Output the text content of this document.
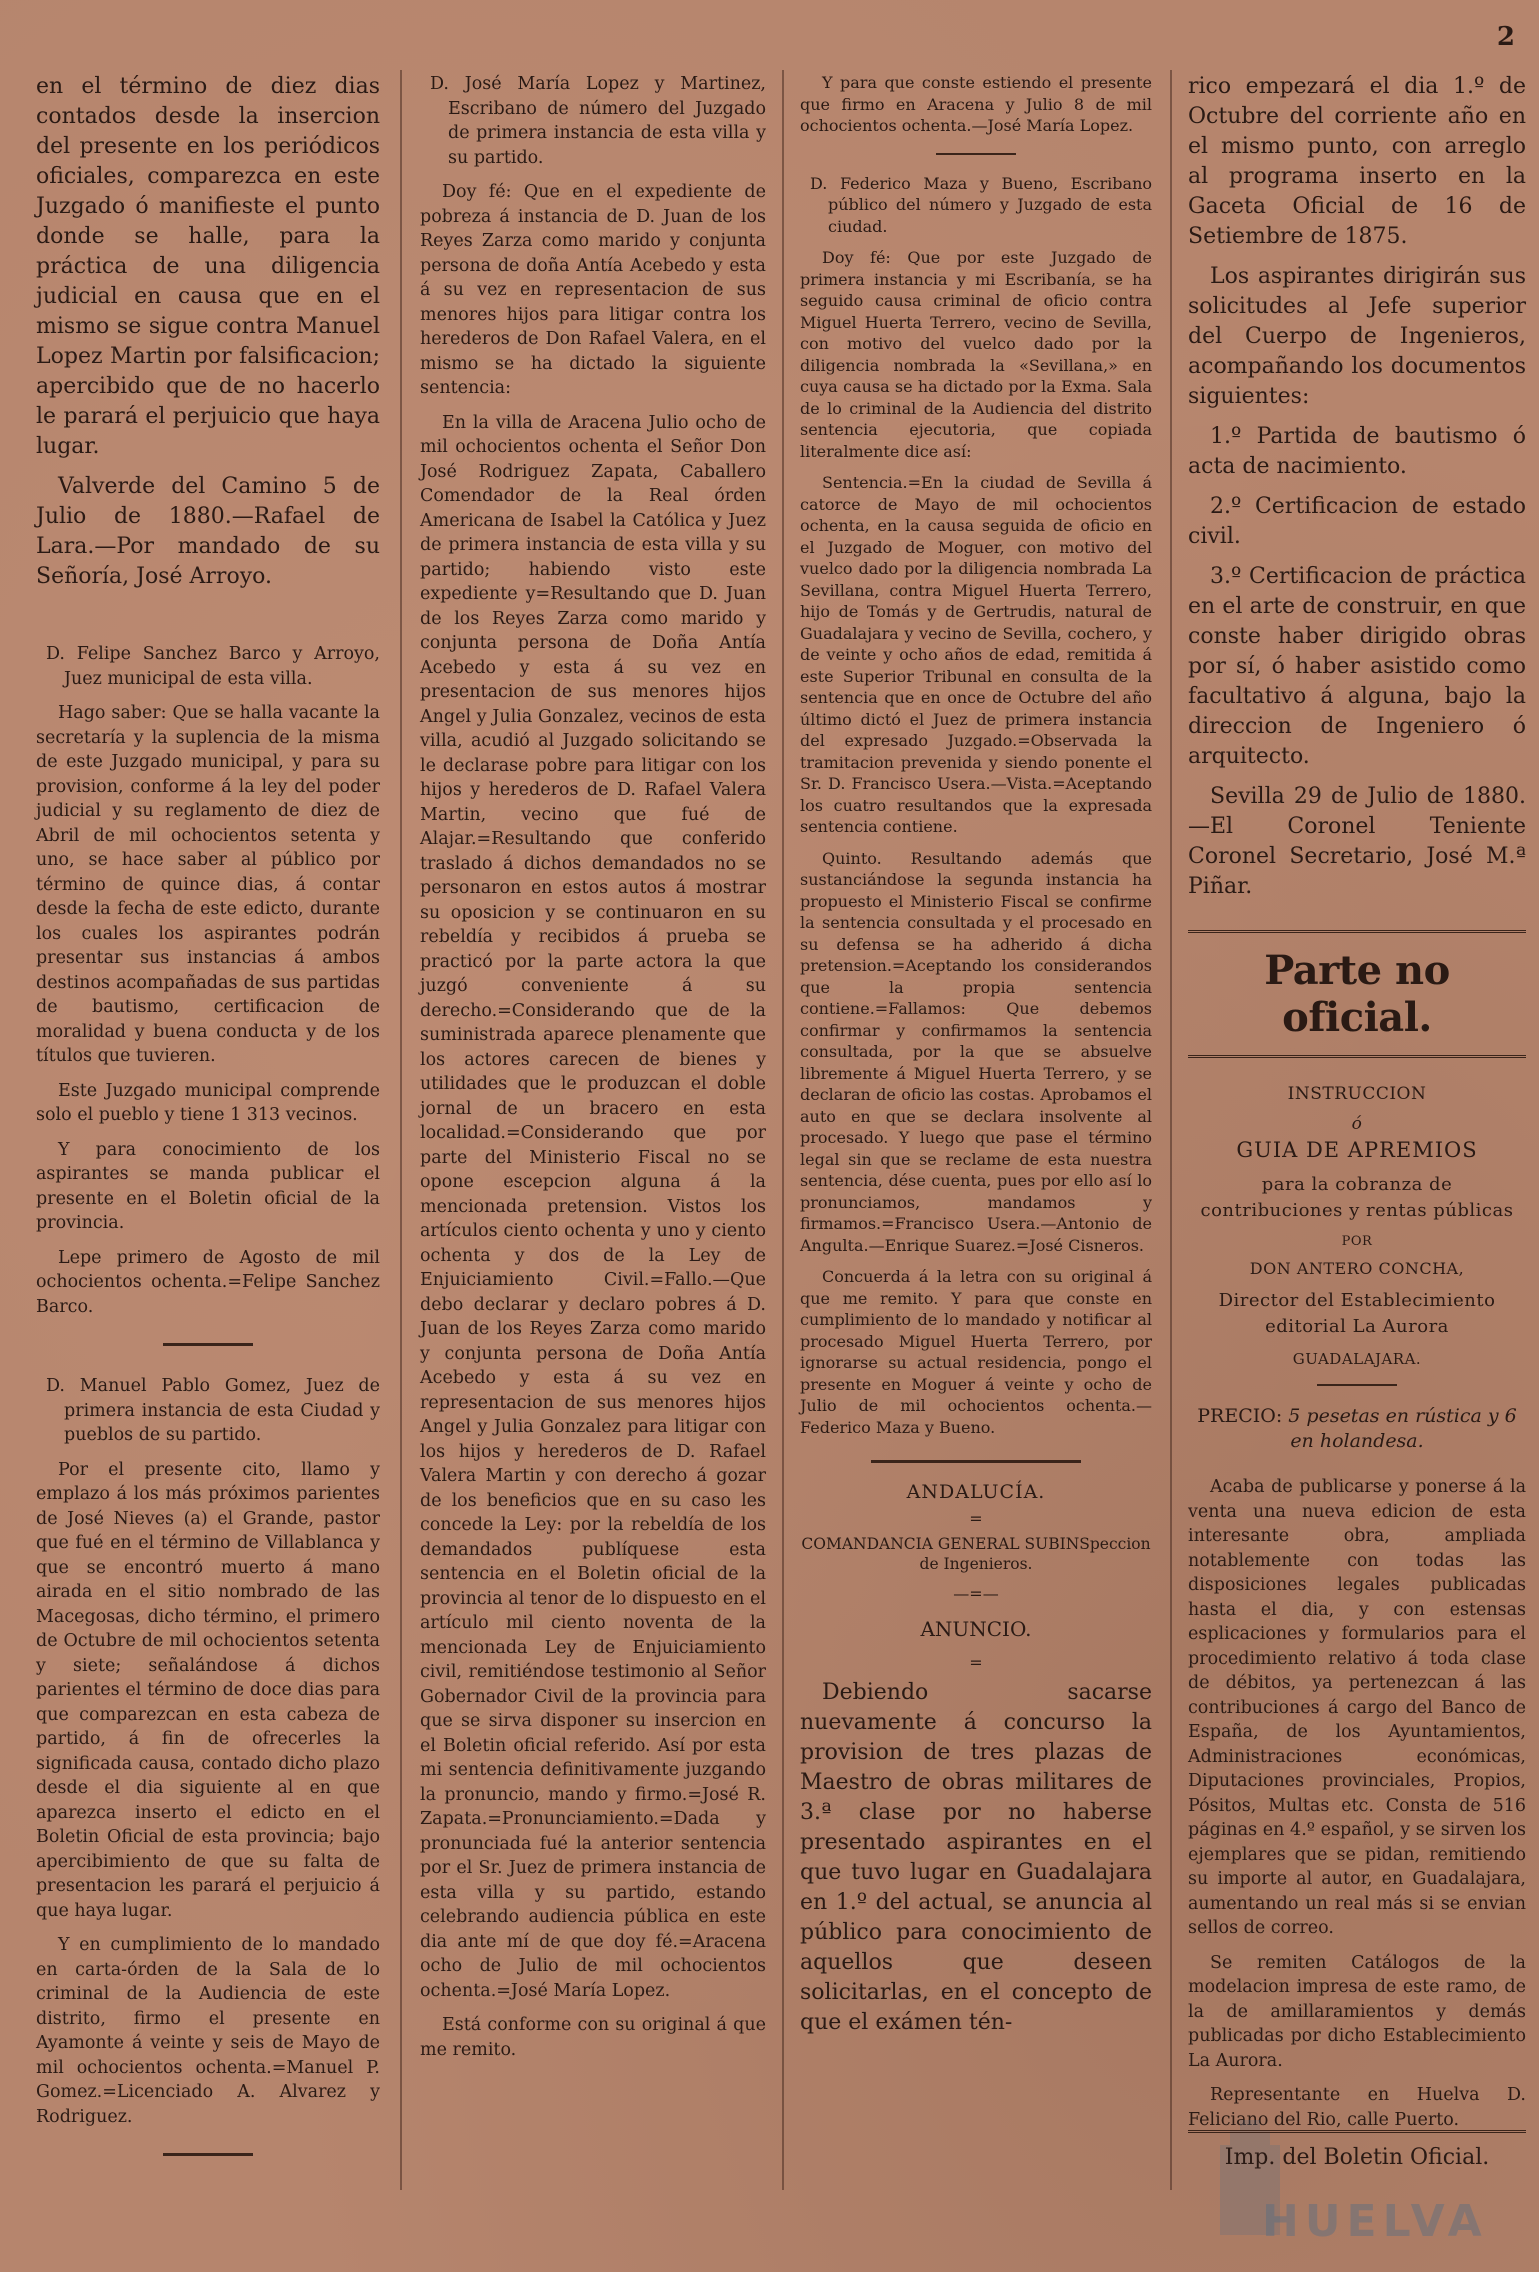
2

en el término de diez dias contados desde la insercion del presente en los periódicos oficiales, comparezca en este Juzgado ó manifieste el punto donde se halle, para la práctica de una diligencia judicial en causa que en el mismo se sigue contra Manuel Lopez Martin por falsificacion; apercibido que de no hacerlo le parará el perjuicio que haya lugar.

Valverde del Camino 5 de Julio de 1880.—Rafael de Lara.—Por mandado de su Señoría, José Arroyo.

D. Felipe Sanchez Barco y Arroyo, Juez municipal de esta villa.

Hago saber: Que se halla vacante la secretaría y la suplencia de la misma de este Juzgado municipal, y para su provision, conforme á la ley del poder judicial y su reglamento de diez de Abril de mil ochocientos setenta y uno, se hace saber al público por término de quince dias, á contar desde la fecha de este edicto, durante los cuales los aspirantes podrán presentar sus instancias á ambos destinos acompañadas de sus partidas de bautismo, certificacion de moralidad y buena conducta y de los títulos que tuvieren.

Este Juzgado municipal comprende solo el pueblo y tiene 1 313 vecinos.

Y para conocimiento de los aspirantes se manda publicar el presente en el Boletin oficial de la provincia.

Lepe primero de Agosto de mil ochocientos ochenta.=Felipe Sanchez Barco.

D. Manuel Pablo Gomez, Juez de primera instancia de esta Ciudad y pueblos de su partido.

Por el presente cito, llamo y emplazo á los más próximos parientes de José Nieves (a) el Grande, pastor que fué en el término de Villablanca y que se encontró muerto á mano airada en el sitio nombrado de las Macegosas, dicho término, el primero de Octubre de mil ochocientos setenta y siete; señalándose á dichos parientes el término de doce dias para que comparezcan en esta cabeza de partido, á fin de ofrecerles la significada causa, contado dicho plazo desde el dia siguiente al en que aparezca inserto el edicto en el Boletin Oficial de esta provincia; bajo apercibimiento de que su falta de presentacion les parará el perjuicio á que haya lugar.

Y en cumplimiento de lo mandado en carta-órden de la Sala de lo criminal de la Audiencia de este distrito, firmo el presente en Ayamonte á veinte y seis de Mayo de mil ochocientos ochenta.=Manuel P. Gomez.=Licenciado A. Alvarez y Rodriguez.

D. José María Lopez y Martinez, Escribano de número del Juzgado de primera instancia de esta villa y su partido.

Doy fé: Que en el expediente de pobreza á instancia de D. Juan de los Reyes Zarza como marido y conjunta persona de doña Antía Acebedo y esta á su vez en representacion de sus menores hijos para litigar contra los herederos de Don Rafael Valera, en el mismo se ha dictado la siguiente sentencia:

En la villa de Aracena Julio ocho de mil ochocientos ochenta el Señor Don José Rodriguez Zapata, Caballero Comendador de la Real órden Americana de Isabel la Católica y Juez de primera instancia de esta villa y su partido; habiendo visto este expediente y=Resultando que D. Juan de los Reyes Zarza como marido y conjunta persona de Doña Antía Acebedo y esta á su vez en presentacion de sus menores hijos Angel y Julia Gonzalez, vecinos de esta villa, acudió al Juzgado solicitando se le declarase pobre para litigar con los hijos y herederos de D. Rafael Valera Martin, vecino que fué de Alajar.=Resultando que conferido traslado á dichos demandados no se personaron en estos autos á mostrar su oposicion y se continuaron en su rebeldía y recibidos á prueba se practicó por la parte actora la que juzgó conveniente á su derecho.=Considerando que de la suministrada aparece plenamente que los actores carecen de bienes y utilidades que le produzcan el doble jornal de un bracero en esta localidad.=Considerando que por parte del Ministerio Fiscal no se opone escepcion alguna á la mencionada pretension. Vistos los artículos ciento ochenta y uno y ciento ochenta y dos de la Ley de Enjuiciamiento Civil.=Fallo.—Que debo declarar y declaro pobres á D. Juan de los Reyes Zarza como marido y conjunta persona de Doña Antía Acebedo y esta á su vez en representacion de sus menores hijos Angel y Julia Gonzalez para litigar con los hijos y herederos de D. Rafael Valera Martin y con derecho á gozar de los beneficios que en su caso les concede la Ley: por la rebeldía de los demandados publíquese esta sentencia en el Boletin oficial de la provincia al tenor de lo dispuesto en el artículo mil ciento noventa de la mencionada Ley de Enjuiciamiento civil, remitiéndose testimonio al Señor Gobernador Civil de la provincia para que se sirva disponer su insercion en el Boletin oficial referido. Así por esta mi sentencia definitivamente juzgando la pronuncio, mando y firmo.=José R. Zapata.=Pronunciamiento.=Dada y pronunciada fué la anterior sentencia por el Sr. Juez de primera instancia de esta villa y su partido, estando celebrando audiencia pública en este dia ante mí de que doy fé.=Aracena ocho de Julio de mil ochocientos ochenta.=José María Lopez.

Está conforme con su original á que me remito.

Y para que conste estiendo el presente que firmo en Aracena y Julio 8 de mil ochocientos ochenta.—José María Lopez.

D. Federico Maza y Bueno, Escribano público del número y Juzgado de esta ciudad.

Doy fé: Que por este Juzgado de primera instancia y mi Escribanía, se ha seguido causa criminal de oficio contra Miguel Huerta Terrero, vecino de Sevilla, con motivo del vuelco dado por la diligencia nombrada la «Sevillana,» en cuya causa se ha dictado por la Exma. Sala de lo criminal de la Audiencia del distrito sentencia ejecutoria, que copiada literalmente dice así:

Sentencia.=En la ciudad de Sevilla á catorce de Mayo de mil ochocientos ochenta, en la causa seguida de oficio en el Juzgado de Moguer, con motivo del vuelco dado por la diligencia nombrada La Sevillana, contra Miguel Huerta Terrero, hijo de Tomás y de Gertrudis, natural de Guadalajara y vecino de Sevilla, cochero, y de veinte y ocho años de edad, remitida á este Superior Tribunal en consulta de la sentencia que en once de Octubre del año último dictó el Juez de primera instancia del expresado Juzgado.=Observada la tramitacion prevenida y siendo ponente el Sr. D. Francisco Usera.—Vista.=Aceptando los cuatro resultandos que la expresada sentencia contiene.

Quinto. Resultando además que sustanciándose la segunda instancia ha propuesto el Ministerio Fiscal se confirme la sentencia consultada y el procesado en su defensa se ha adherido á dicha pretension.=Aceptando los considerandos que la propia sentencia contiene.=Fallamos: Que debemos confirmar y confirmamos la sentencia consultada, por la que se absuelve libremente á Miguel Huerta Terrero, y se declaran de oficio las costas. Aprobamos el auto en que se declara insolvente al procesado. Y luego que pase el término legal sin que se reclame de esta nuestra sentencia, dése cuenta, pues por ello así lo pronunciamos, mandamos y firmamos.=Francisco Usera.—Antonio de Angulta.—Enrique Suarez.=José Cisneros.

Concuerda á la letra con su original á que me remito. Y para que conste en cumplimiento de lo mandado y notificar al procesado Miguel Huerta Terrero, por ignorarse su actual residencia, pongo el presente en Moguer á veinte y ocho de Julio de mil ochocientos ochenta.—Federico Maza y Bueno.

ANDALUCÍA.
=
COMANDANCIA GENERAL SUBINSpeccion de Ingenieros.
—=—
ANUNCIO.
=

Debiendo sacarse nuevamente á concurso la provision de tres plazas de Maestro de obras militares de 3.ª clase por no haberse presentado aspirantes en el que tuvo lugar en Guadalajara en 1.º del actual, se anuncia al público para conocimiento de aquellos que deseen solicitarlas, en el concepto de que el exámen tén-

rico empezará el dia 1.º de Octubre del corriente año en el mismo punto, con arreglo al programa inserto en la Gaceta Oficial de 16 de Setiembre de 1875.

Los aspirantes dirigirán sus solicitudes al Jefe superior del Cuerpo de Ingenieros, acompañando los documentos siguientes:

1.º Partida de bautismo ó acta de nacimiento.

2.º Certificacion de estado civil.

3.º Certificacion de práctica en el arte de construir, en que conste haber dirigido obras por sí, ó haber asistido como facultativo á alguna, bajo la direccion de Ingeniero ó arquitecto.

Sevilla 29 de Julio de 1880. —El Coronel Teniente Coronel Secretario, José M.ª Piñar.

Parte no oficial.
INSTRUCCION
ó
GUIA DE APREMIOS
para la cobranza de contribuciones y rentas públicas
POR
DON ANTERO CONCHA,
Director del Establecimiento editorial La Aurora
GUADALAJARA.

PRECIO: 5 pesetas en rústica y 6 en holandesa.

Acaba de publicarse y ponerse á la venta una nueva edicion de esta interesante obra, ampliada notablemente con todas las disposiciones legales publicadas hasta el dia, y con estensas esplicaciones y formularios para el procedimiento relativo á toda clase de débitos, ya pertenezcan á las contribuciones á cargo del Banco de España, de los Ayuntamientos, Administraciones económicas, Diputaciones provinciales, Propios, Pósitos, Multas etc. Consta de 516 páginas en 4.º español, y se sirven los ejemplares que se pidan, remitiendo su importe al autor, en Guadalajara, aumentando un real más si se envian sellos de correo.

Se remiten Catálogos de la modelacion impresa de este ramo, de la de amillaramientos y demás publicadas por dicho Establecimiento La Aurora.

Representante en Huelva D. Feliciano del Rio, calle Puerto.

HUELVA
Imp. del Boletin Oficial.
